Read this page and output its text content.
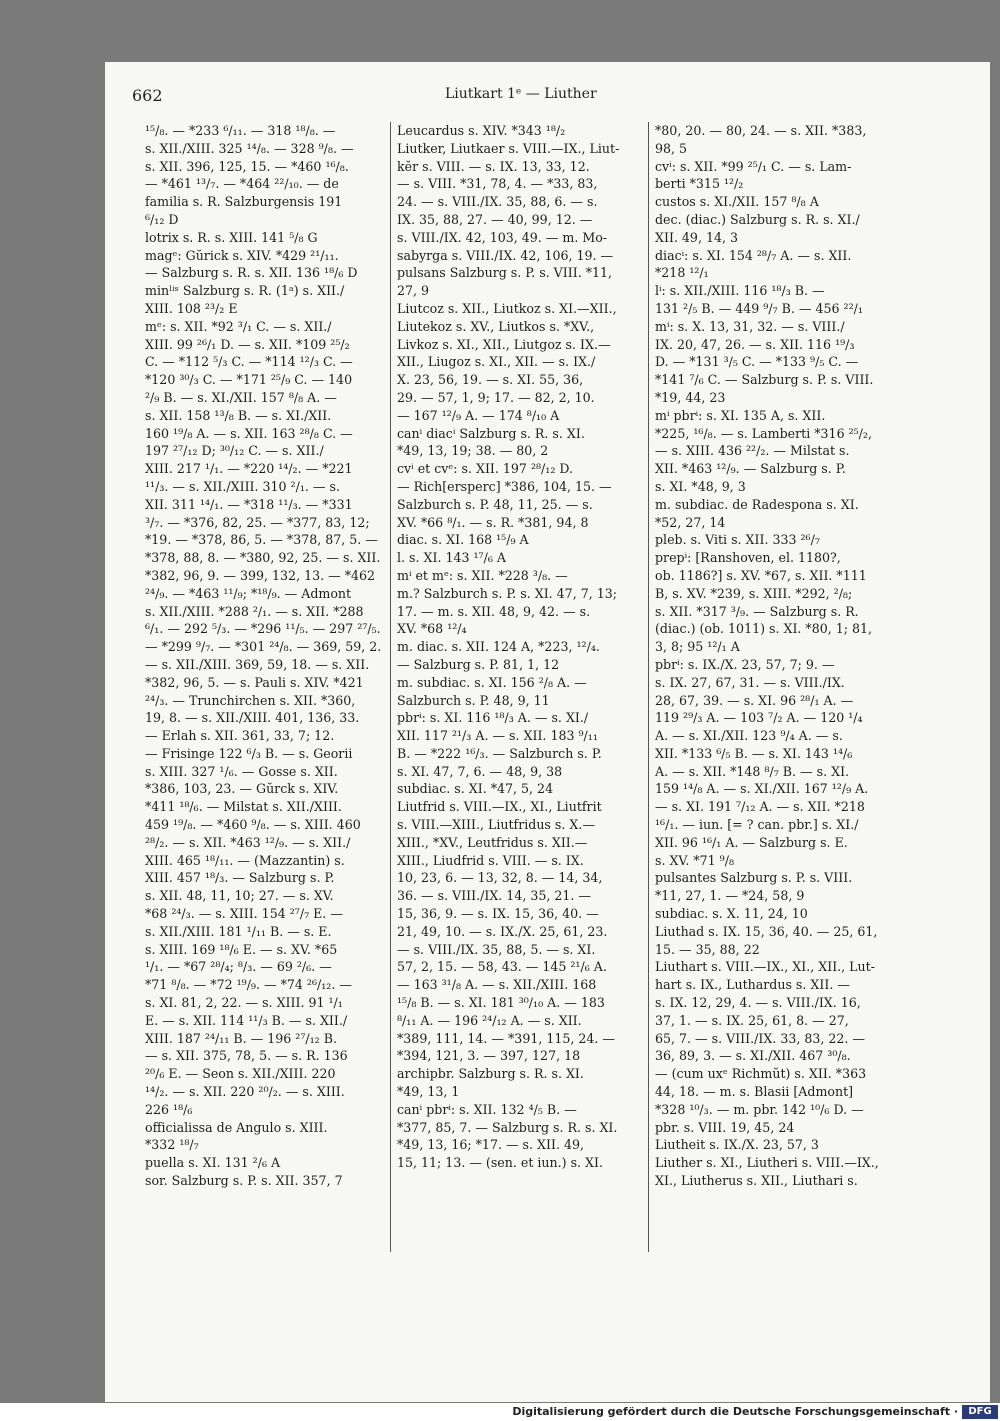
662	Liutkart 1ᵉ — Liuther
¹⁵/₈. — *233 ⁶/₁₁. — 318 ¹⁸/₈. —
s. XII./XIII. 325 ¹⁴/₈. — 328 ⁹/₈. —
s. XII. 396, 125, 15. — *460 ¹⁶/₈.
— *461 ¹³/₇. — *464 ²²/₁₀. — de
familia s. R. Salzburgensis 191
⁶/₁₂ D
lotrix s. R. s. XIII. 141 ⁵/₈ G
magᵉ: Gŭrick s. XIV. *429 ²¹/₁₁.
— Salzburg s. R. s. XII. 136 ¹⁸/₆ D
minˡⁱˢ Salzburg s. R. (1ᵃ) s. XII./
XIII. 108 ²³/₂ E
mᵉ: s. XII. *92 ³/₁ C. — s. XII./
XIII. 99 ²⁶/₁ D. — s. XII. *109 ²⁵/₂
C. — *112 ⁵/₃ C. — *114 ¹²/₃ C. —
*120 ³⁰/₃ C. — *171 ²⁵/₉ C. — 140
²/₉ B. — s. XI./XII. 157 ⁸/₈ A. —
s. XII. 158 ¹³/₈ B. — s. XI./XII.
160 ¹⁹/₈ A. — s. XII. 163 ²⁸/₈ C. —
197 ²⁷/₁₂ D; ³⁰/₁₂ C. — s. XII./
XIII. 217 ¹/₁. — *220 ¹⁴/₂. — *221
¹¹/₃. — s. XII./XIII. 310 ²/₁. — s.
XII. 311 ¹⁴/₁. — *318 ¹¹/₃. — *331
³/₇. — *376, 82, 25. — *377, 83, 12;
*19. — *378, 86, 5. — *378, 87, 5. —
*378, 88, 8. — *380, 92, 25. — s. XII.
*382, 96, 9. — 399, 132, 13. — *462
²⁴/₉. — *463 ¹¹/₉; *¹⁸/₉. — Admont
s. XII./XIII. *288 ²/₁. — s. XII. *288
⁶/₁. — 292 ⁵/₃. — *296 ¹¹/₅. — 297 ²⁷/₅.
— *299 ⁹/₇. — *301 ²⁴/₈. — 369, 59, 2.
— s. XII./XIII. 369, 59, 18. — s. XII.
*382, 96, 5. — s. Pauli s. XIV. *421
²⁴/₃. — Trunchirchen s. XII. *360,
19, 8. — s. XII./XIII. 401, 136, 33.
— Erlah s. XII. 361, 33, 7; 12.
— Frisinge 122 ⁶/₃ B. — s. Georii
s. XIII. 327 ¹/₆. — Gosse s. XII.
*386, 103, 23. — Gŭrck s. XIV.
*411 ¹⁸/₆. — Milstat s. XII./XIII.
459 ¹⁹/₈. — *460 ⁹/₈. — s. XIII. 460
²⁸/₂. — s. XII. *463 ¹²/₉. — s. XII./
XIII. 465 ¹⁸/₁₁. — (Mazzantin) s.
XIII. 457 ¹⁸/₃. — Salzburg s. P.
s. XII. 48, 11, 10; 27. — s. XV.
*68 ²⁴/₃. — s. XIII. 154 ²⁷/₇ E. —
s. XII./XIII. 181 ¹/₁₁ B. — s. E.
s. XIII. 169 ¹⁸/₆ E. — s. XV. *65
¹/₁. — *67 ²⁸/₄; ⁸/₃. — 69 ²/₆. —
*71 ⁸/₈. — *72 ¹⁹/₉. — *74 ²⁶/₁₂. —
s. XI. 81, 2, 22. — s. XIII. 91 ¹/₁
E. — s. XII. 114 ¹¹/₃ B. — s. XII./
XIII. 187 ²⁴/₁₁ B. — 196 ²⁷/₁₂ B.
— s. XII. 375, 78, 5. — s. R. 136
²⁰/₆ E. — Seon s. XII./XIII. 220
¹⁴/₂. — s. XII. 220 ²⁰/₂. — s. XIII.
226 ¹⁸/₆
officialissa de Angulo s. XIII.
*332 ¹⁸/₇
puella s. XI. 131 ²/₆ A
sor. Salzburg s. P. s. XII. 357, 7
Leucardus s. XIV. *343 ¹⁸/₂
Liutker, Liutkaer s. VIII.—IX., Liut-
kĕr s. VIII. — s. IX. 13, 33, 12.
— s. VIII. *31, 78, 4. — *33, 83,
24. — s. VIII./IX. 35, 88, 6. — s.
IX. 35, 88, 27. — 40, 99, 12. —
s. VIII./IX. 42, 103, 49. — m. Mo-
sabyrga s. VIII./IX. 42, 106, 19. —
pulsans Salzburg s. P. s. VIII. *11,
27, 9
Liutcoz s. XII., Liutkoz s. XI.—XII.,
Liutekoz s. XV., Liutkos s. *XV.,
Livkoz s. XI., XII., Liutgoz s. IX.—
XII., Liugoz s. XI., XII. — s. IX./
X. 23, 56, 19. — s. XI. 55, 36,
29. — 57, 1, 9; 17. — 82, 2, 10.
— 167 ¹²/₉ A. — 174 ⁸/₁₀ A
canⁱ diacⁱ Salzburg s. R. s. XI.
*49, 13, 19; 38. — 80, 2
cvⁱ et cvᵉ: s. XII. 197 ²⁸/₁₂ D.
— Rich[ersperc] *386, 104, 15. —
Salzburch s. P. 48, 11, 25. — s.
XV. *66 ⁸/₁. — s. R. *381, 94, 8
diac. s. XI. 168 ¹⁵/₉ A
l. s. XI. 143 ¹⁷/₆ A
mⁱ et mᵉ: s. XII. *228 ³/₈. —
m.? Salzburch s. P. s. XI. 47, 7, 13;
17. — m. s. XII. 48, 9, 42. — s.
XV. *68 ¹²/₄
m. diac. s. XII. 124 A, *223, ¹²/₄.
— Salzburg s. P. 81, 1, 12
m. subdiac. s. XI. 156 ²/₈ A. —
Salzburch s. P. 48, 9, 11
pbrⁱ: s. XI. 116 ¹⁸/₃ A. — s. XI./
XII. 117 ²¹/₃ A. — s. XII. 183 ⁹/₁₁
B. — *222 ¹⁶/₃. — Salzburch s. P.
s. XI. 47, 7, 6. — 48, 9, 38
subdiac. s. XI. *47, 5, 24
Liutfrid s. VIII.—IX., XI., Liutfrit
s. VIII.—XIII., Liutfridus s. X.—
XIII., *XV., Leutfridus s. XII.—
XIII., Liudfrid s. VIII. — s. IX.
10, 23, 6. — 13, 32, 8. — 14, 34,
36. — s. VIII./IX. 14, 35, 21. —
15, 36, 9. — s. IX. 15, 36, 40. —
21, 49, 10. — s. IX./X. 25, 61, 23.
— s. VIII./IX. 35, 88, 5. — s. XI.
57, 2, 15. — 58, 43. — 145 ²¹/₆ A.
— 163 ³¹/₈ A. — s. XII./XIII. 168
¹⁵/₈ B. — s. XI. 181 ³⁰/₁₀ A. — 183
⁸/₁₁ A. — 196 ²⁴/₁₂ A. — s. XII.
*389, 111, 14. — *391, 115, 24. —
*394, 121, 3. — 397, 127, 18
archipbr. Salzburg s. R. s. XI.
*49, 13, 1
canⁱ pbrⁱ: s. XII. 132 ⁴/₅ B. —
*377, 85, 7. — Salzburg s. R. s. XI.
*49, 13, 16; *17. — s. XII. 49,
15, 11; 13. — (sen. et iun.) s. XI.
*80, 20. — 80, 24. — s. XII. *383,
98, 5
cvⁱ: s. XII. *99 ²⁵/₁ C. — s. Lam-
berti *315 ¹²/₂
custos s. XI./XII. 157 ⁸/₈ A
dec. (diac.) Salzburg s. R. s. XI./
XII. 49, 14, 3
diacⁱ: s. XI. 154 ²⁸/₇ A. — s. XII.
*218 ¹²/₁
lⁱ: s. XII./XIII. 116 ¹⁸/₃ B. —
131 ²/₅ B. — 449 ⁹/₇ B. — 456 ²²/₁
mⁱ: s. X. 13, 31, 32. — s. VIII./
IX. 20, 47, 26. — s. XII. 116 ¹⁹/₃
D. — *131 ³/₅ C. — *133 ⁹/₅ C. —
*141 ⁷/₆ C. — Salzburg s. P. s. VIII.
*19, 44, 23
mⁱ pbrⁱ: s. XI. 135 A, s. XII.
*225, ¹⁶/₈. — s. Lamberti *316 ²⁵/₂,
— s. XIII. 436 ²²/₂. — Milstat s.
XII. *463 ¹²/₉. — Salzburg s. P.
s. XI. *48, 9, 3
m. subdiac. de Radespona s. XI.
*52, 27, 14
pleb. s. Viti s. XII. 333 ²⁶/₇
prepⁱ: [Ranshoven, el. 1180?,
ob. 1186?] s. XV. *67, s. XII. *111
B, s. XV. *239, s. XIII. *292, ²/₈;
s. XII. *317 ³/₉. — Salzburg s. R.
(diac.) (ob. 1011) s. XI. *80, 1; 81,
3, 8; 95 ¹²/₁ A
pbrⁱ: s. IX./X. 23, 57, 7; 9. —
s. IX. 27, 67, 31. — s. VIII./IX.
28, 67, 39. — s. XI. 96 ²⁸/₁ A. —
119 ²⁹/₃ A. — 103 ⁷/₂ A. — 120 ¹/₄
A. — s. XI./XII. 123 ⁹/₄ A. — s.
XII. *133 ⁶/₅ B. — s. XI. 143 ¹⁴/₆
A. — s. XII. *148 ⁸/₇ B. — s. XI.
159 ¹⁴/₈ A. — s. XI./XII. 167 ¹²/₉ A.
— s. XI. 191 ⁷/₁₂ A. — s. XII. *218
¹⁶/₁. — iun. [= ? can. pbr.] s. XI./
XII. 96 ¹⁶/₁ A. — Salzburg s. E.
s. XV. *71 ⁹/₈
pulsantes Salzburg s. P. s. VIII.
*11, 27, 1. — *24, 58, 9
subdiac. s. X. 11, 24, 10
Liuthad s. IX. 15, 36, 40. — 25, 61,
15. — 35, 88, 22
Liuthart s. VIII.—IX., XI., XII., Lut-
hart s. IX., Luthardus s. XII. —
s. IX. 12, 29, 4. — s. VIII./IX. 16,
37, 1. — s. IX. 25, 61, 8. — 27,
65, 7. — s. VIII./IX. 33, 83, 22. —
36, 89, 3. — s. XI./XII. 467 ³⁰/₈.
— (cum uxᵉ Richmŭt) s. XII. *363
44, 18. — m. s. Blasii [Admont]
*328 ¹⁰/₃. — m. pbr. 142 ¹⁰/₆ D. —
pbr. s. VIII. 19, 45, 24
Liutheit s. IX./X. 23, 57, 3
Liuther s. XI., Liutheri s. VIII.—IX.,
XI., Liutherus s. XII., Liuthari s.
Digitalisierung gefördert durch die Deutsche Forschungsgemeinschaft ·	DFG
